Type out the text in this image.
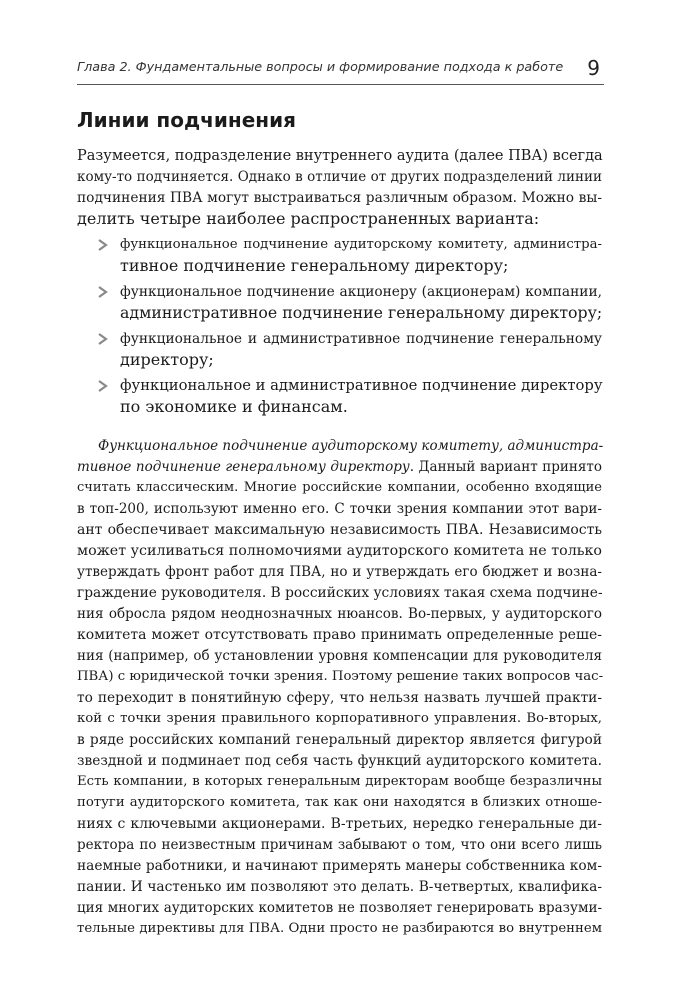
Глава 2. Фундаментальные вопросы и формирование подхода к работе 9
Линии подчинения
Разумеется, подразделение внутреннего аудита (далее ПВА) всегда
кому-то подчиняется. Однако в отличие от других подразделений линии
подчинения ПВА могут выстраиваться различным образом. Можно вы-
делить четыре наиболее распространенных варианта:
функциональное подчинение аудиторскому комитету, администра-
тивное подчинение генеральному директору;
функциональное подчинение акционеру (акционерам) компании,
административное подчинение генеральному директору;
функциональное и административное подчинение генеральному
директору;
функциональное и административное подчинение директору
по экономике и финансам.
Функциональное подчинение аудиторскому комитету, администра-
тивное подчинение генеральному директору. Данный вариант принято
считать классическим. Многие российские компании, особенно входящие
в топ-200, используют именно его. С точки зрения компании этот вари-
ант обеспечивает максимальную независимость ПВА. Независимость
может усиливаться полномочиями аудиторского комитета не только
утверждать фронт работ для ПВА, но и утверждать его бюджет и возна-
граждение руководителя. В российских условиях такая схема подчине-
ния обросла рядом неоднозначных нюансов. Во-первых, у аудиторского
комитета может отсутствовать право принимать определенные реше-
ния (например, об установлении уровня компенсации для руководителя
ПВА) с юридической точки зрения. Поэтому решение таких вопросов час-
то переходит в понятийную сферу, что нельзя назвать лучшей практи-
кой с точки зрения правильного корпоративного управления. Во-вторых,
в ряде российских компаний генеральный директор является фигурой
звездной и подминает под себя часть функций аудиторского комитета.
Есть компании, в которых генеральным директорам вообще безразличны
потуги аудиторского комитета, так как они находятся в близких отноше-
ниях с ключевыми акционерами. В-третьих, нередко генеральные ди-
ректора по неизвестным причинам забывают о том, что они всего лишь
наемные работники, и начинают примерять манеры собственника ком-
пании. И частенько им позволяют это делать. В-четвертых, квалифика-
ция многих аудиторских комитетов не позволяет генерировать вразуми-
тельные директивы для ПВА. Одни просто не разбираются во внутреннем
